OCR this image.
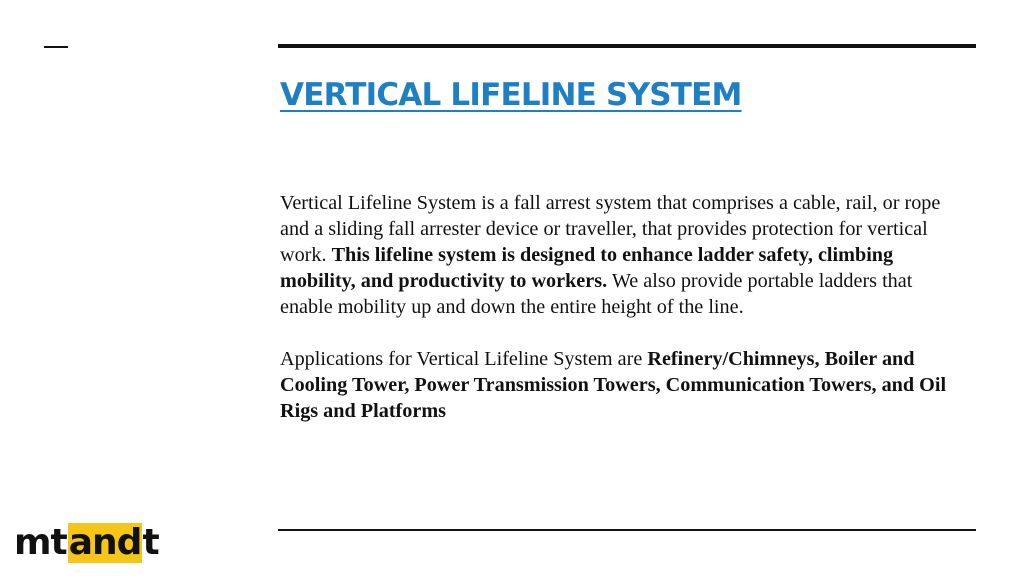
VERTICAL LIFELINE SYSTEM

Vertical Lifeline System is a fall arrest system that comprises a cable, rail, or rope and a sliding fall arrester device or traveller, that provides protection for vertical work. This lifeline system is designed to enhance ladder safety, climbing mobility, and productivity to workers. We also provide portable ladders that enable mobility up and down the entire height of the line.

Applications for Vertical Lifeline System are Refinery/Chimneys, Boiler and Cooling Tower, Power Transmission Towers, Communication Towers, and Oil Rigs and Platforms

mt and t
